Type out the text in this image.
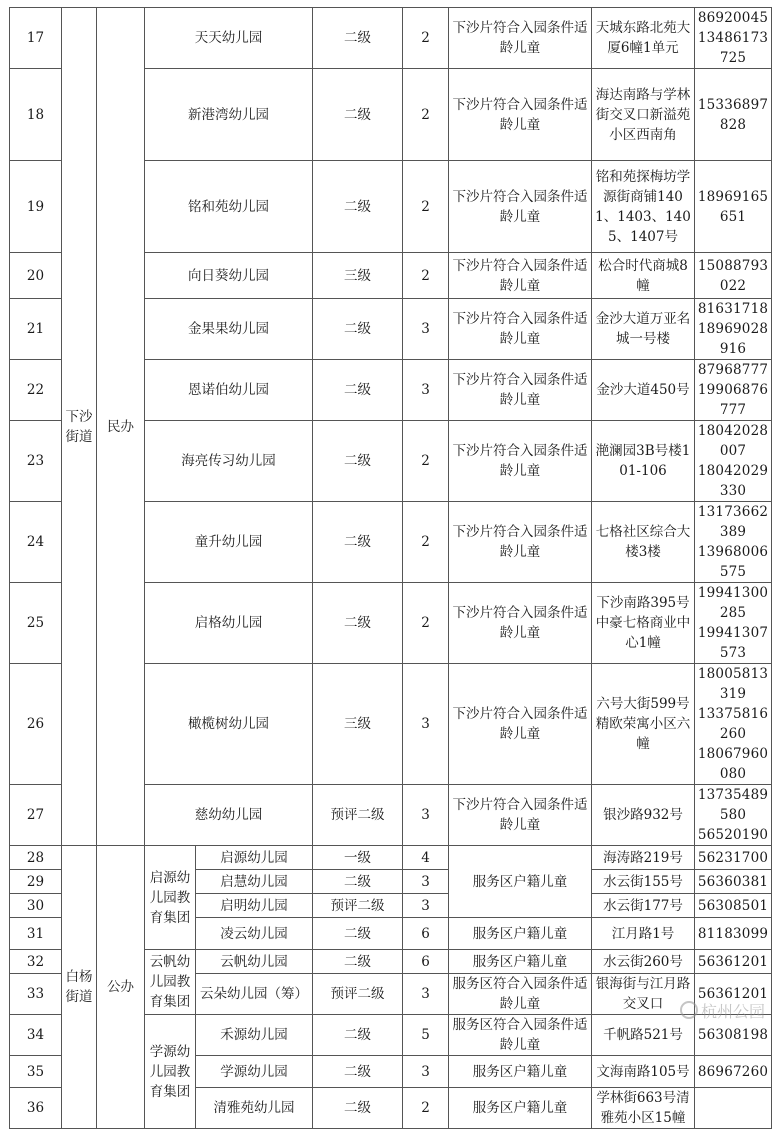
17	下沙街道	民办	天天幼儿园		二级	2	下沙片符合入园条件适龄儿童	天城东路北苑大厦6幢1单元	86920045
13486173725
18			新港湾幼儿园		二级	2	下沙片符合入园条件适龄儿童	海达南路与学林街交叉口新溢苑小区西南角	15336897828
19			铭和苑幼儿园		二级	2	下沙片符合入园条件适龄儿童	铭和苑探梅坊学源街商铺1401、1403、1405、1407号	18969165651
20			向日葵幼儿园		三级	2	下沙片符合入园条件适龄儿童	松合时代商城8幢	15088793022
21			金果果幼儿园		二级	3	下沙片符合入园条件适龄儿童	金沙大道万亚名城一号楼	81631718
18969028916
22			恩诺伯幼儿园		二级	3	下沙片符合入园条件适龄儿童	金沙大道450号	87968777
19906876777
23			海亮传习幼儿园		二级	2	下沙片符合入园条件适龄儿童	滟澜园3B号楼101-106	18042028007
18042029330
24			童升幼儿园		二级	2	下沙片符合入园条件适龄儿童	七格社区综合大楼3楼	13173662389
13968006575
25			启格幼儿园		二级	2	下沙片符合入园条件适龄儿童	下沙南路395号中豪七格商业中心1幢	19941300285
19941307573
26			橄榄树幼儿园		三级	3	下沙片符合入园条件适龄儿童	六号大街599号精欧荣寓小区六幢	18005813319
13375816260
18067960080
27			慈幼幼儿园		预评二级	3	下沙片符合入园条件适龄儿童	银沙路932号	13735489580
56520190
28	白杨街道	公办	启源幼儿园教育集团	启源幼儿园	一级	4	服务区户籍儿童	海涛路219号	56231700
29				启慧幼儿园	二级	3		水云街155号	56360381
30				启明幼儿园	预评二级	3		水云街177号	56308501
31				凌云幼儿园	二级	6	服务区户籍儿童	江月路1号	81183099
32			云帆幼儿园教育集团	云帆幼儿园	二级	6	服务区户籍儿童	水云街260号	56361201
33				云朵幼儿园（筹）	预评二级	3	服务区符合入园条件适龄儿童	银海街与江月路交叉口	56361201
34			学源幼儿园教育集团	禾源幼儿园	二级	5	服务区符合入园条件适龄儿童	千帆路521号	56308198
35				学源幼儿园	二级	3	服务区户籍儿童	文海南路105号	86967260
36				清雅苑幼儿园	二级	2	服务区户籍儿童	学林街663号清雅苑小区15幢	
杭州公园
